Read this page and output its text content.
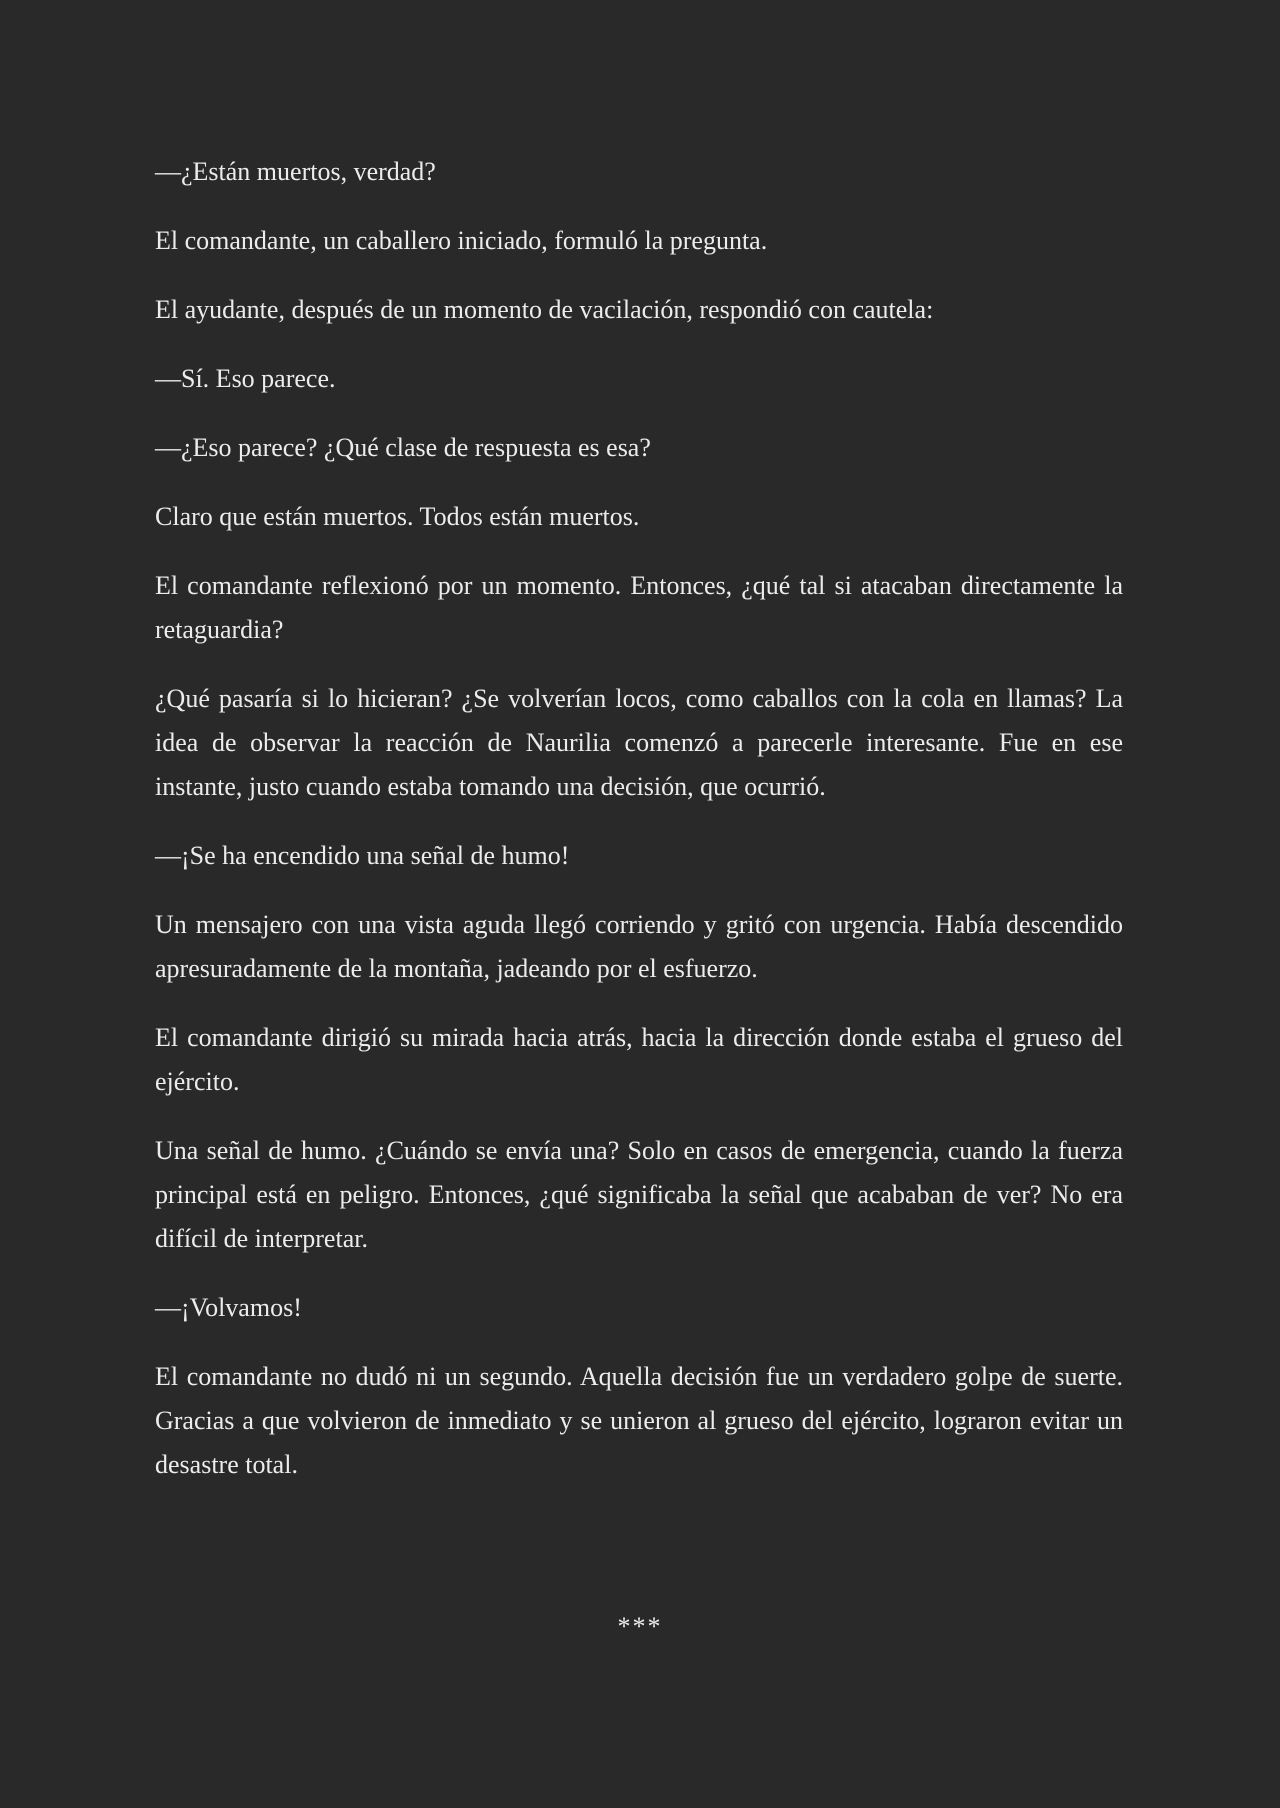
—¿Están muertos, verdad?

El comandante, un caballero iniciado, formuló la pregunta.

El ayudante, después de un momento de vacilación, respondió con cautela:

—Sí. Eso parece.

—¿Eso parece? ¿Qué clase de respuesta es esa?

Claro que están muertos. Todos están muertos.

El comandante reflexionó por un momento. Entonces, ¿qué tal si atacaban directamente la retaguardia?

¿Qué pasaría si lo hicieran? ¿Se volverían locos, como caballos con la cola en llamas? La idea de observar la reacción de Naurilia comenzó a parecerle interesante. Fue en ese instante, justo cuando estaba tomando una decisión, que ocurrió.

—¡Se ha encendido una señal de humo!

Un mensajero con una vista aguda llegó corriendo y gritó con urgencia. Había descendido apresuradamente de la montaña, jadeando por el esfuerzo.

El comandante dirigió su mirada hacia atrás, hacia la dirección donde estaba el grueso del ejército.

Una señal de humo. ¿Cuándo se envía una? Solo en casos de emergencia, cuando la fuerza principal está en peligro. Entonces, ¿qué significaba la señal que acababan de ver? No era difícil de interpretar.

—¡Volvamos!

El comandante no dudó ni un segundo. Aquella decisión fue un verdadero golpe de suerte. Gracias a que volvieron de inmediato y se unieron al grueso del ejército, lograron evitar un desastre total.

***
